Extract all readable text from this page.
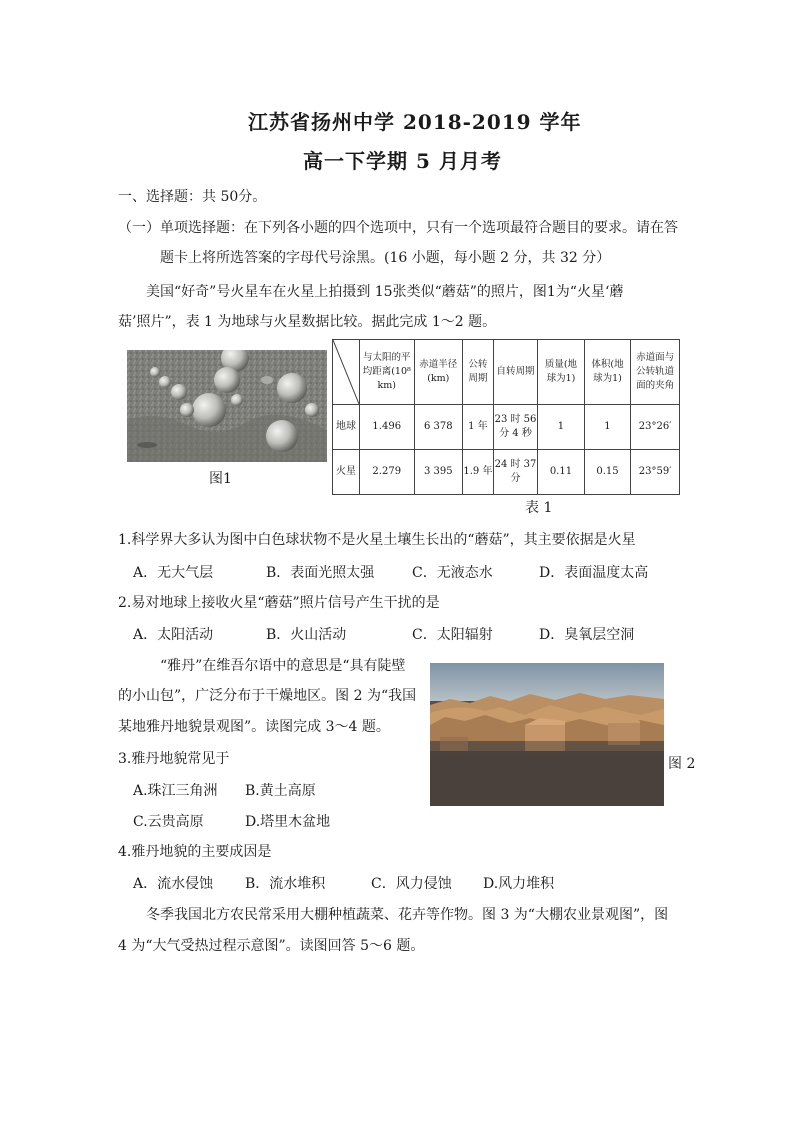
江苏省扬州中学 2018-2019 学年
高一下学期 5 月月考
一、选择题：共 50分。
（一）单项选择题：在下列各小题的四个选项中，只有一个选项最符合题目的要求。请在答
题卡上将所选答案的字母代号涂黑。(16 小题，每小题 2 分，共 32 分）
美国“好奇”号火星车在火星上拍摄到 15张类似“蘑菇”的照片，图1为“火星‘蘑
菇’照片”，表 1 为地球与火星数据比较。据此完成 1～2 题。
图1
	与太阳的平均距离(10⁸ km)	赤道半径(km)	公转周期	自转周期	质量(地球为1)	体积(地球为1)	赤道面与公转轨道面的夹角
地球	1.496	6 378	1 年	23 时 56 分 4 秒	1	1	23°26′
火星	2.279	3 395	1.9 年	24 时 37 分	0.11	0.15	23°59′
表 1
1.科学界大多认为图中白色球状物不是火星土壤生长出的“蘑菇”，其主要依据是火星
A．无大气层	B．表面光照太强	C．无液态水	D．表面温度太高
2.易对地球上接收火星“蘑菇”照片信号产生干扰的是
A．太阳活动	B．火山活动	C．太阳辐射	D．臭氧层空洞
“雅丹”在维吾尔语中的意思是“具有陡壁
的小山包”，广泛分布于干燥地区。图 2 为“我国
某地雅丹地貌景观图”。读图完成 3～4 题。
图 2
3.雅丹地貌常见于
A.珠江三角洲 B.黄土高原
C.云贵高原	D.塔里木盆地
4.雅丹地貌的主要成因是
A．流水侵蚀 B．流水堆积	C．风力侵蚀 D.风力堆积
冬季我国北方农民常采用大棚种植蔬菜、花卉等作物。图 3 为“大棚农业景观图”，图
4 为“大气受热过程示意图”。读图回答 5～6 题。
